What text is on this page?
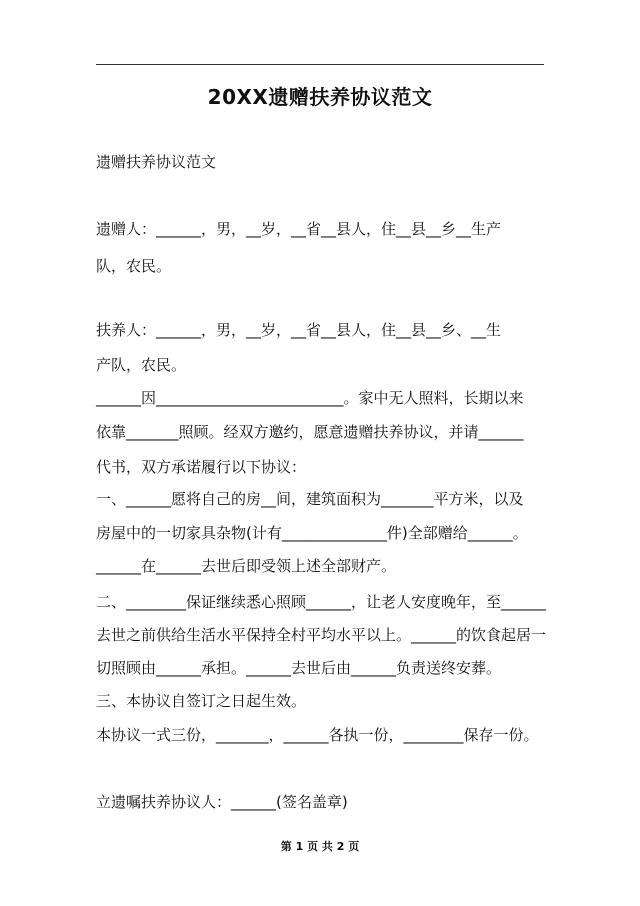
20XX遗赠扶养协议范文
遗赠扶养协议范文
遗赠人：______，男，__岁，__省__县人，住__县__乡__生产
队，农民。
扶养人：______，男，__岁，__省__县人，住__县__乡、__生
产队，农民。
______因_________________________。家中无人照料，长期以来
依靠_______照顾。经双方邀约，愿意遗赠扶养协议，并请______
代书，双方承诺履行以下协议：
一、______愿将自己的房__间，建筑面积为_______平方米，以及
房屋中的一切家具杂物(计有______________件)全部赠给______。
______在______去世后即受领上述全部财产。
二、________保证继续悉心照顾______，让老人安度晚年，至______
去世之前供给生活水平保持全村平均水平以上。______的饮食起居一
切照顾由______承担。______去世后由______负责送终安葬。
三、本协议自签订之日起生效。
本协议一式三份，_______，______各执一份，________保存一份。
立遗嘱扶养协议人：______(签名盖章)
第 1 页 共 2 页
